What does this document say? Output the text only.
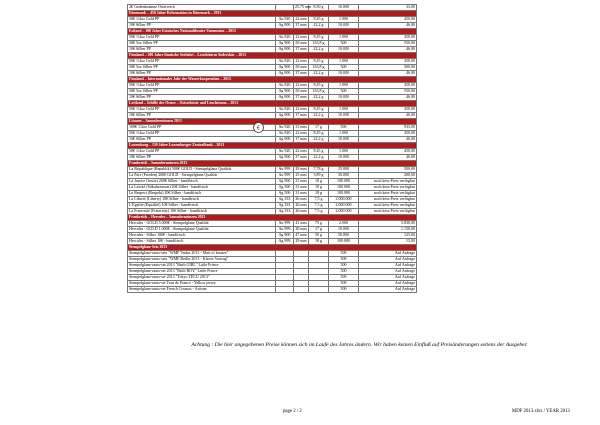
2€ Gedenkmünze Osterreich		25,75 mm	8,50 g	10.000	33,00	
Dänemark – 450 Jahre Reformation in Dänemark – 2013						
50€ 1/4oz Gold PP	Au 920	22 mm	8,45 g	1.000	450,00	
10€ Silber PP	Ag 900	37 mm	22,2 g	10.000	46,00	
Estland – 100 Jahre Estnisches Nationaltheater Vanemuine – 2013						
50€ 1/4oz Gold PP	Au 920	22 mm	8,45 g	1.000	450,00	
50€ 5oz Silber PP	Ag 900	50 mm	163,8 g	500	550,00	
10€ Silber PP	Ag 900	37 mm	22,2 g	10.000	46,00	
Finnland – 200 Jahre finnische Seefahrt – Leuchtturm Söderskär – 2013						
50€ 1/4oz Gold PP	Au 920	22 mm	8,45 g	1.000	450,00	
50€ 5oz Silber PP	Ag 900	50 mm	163,8 g	500	500,00	
10€ Silber PP	Ag 900	37 mm	22,2 g	10.000	46,00	
Finnland – Internationales Jahr der Wasserkooperation – 2013						
50€ 1/4oz Gold PP	Au 920	22 mm	8,45 g	1.000	450,00	
50€ 5oz Silber PP	Ag 900	50 mm	163,8 g	500	550,00	
10€ Silber PP	Ag 900	37 mm	22,2 g	10.000	46,00	
Lettland – Schiffe der Ostsee – Ostseeküste und Leuchtturm – 2013						
50€ 1/4oz Gold PP	Au 920	22 mm	8,45 g	1.000	450,00	
10€ Silber PP	Ag 900	37 mm	22,2 g	10.000	46,00	
Litauen – Sammlermünzen 2013						
100€ 1/2oz Gold PP	Au 920	31 mm	17 g	500	933,00	
50€ 1/4oz Gold PP	Au 920	22 mm	8,45 g	1.000	450,00	
10€ Silber PP	Ag 900	37 mm	22,2 g	10.000	46,00	
Luxemburg – 150 Jahre Luxemburger Zentralbank – 2013						
50€ 1/4oz Gold PP	Au 920	22 mm	8,45 g	1.000	450,00	
10€ Silber PP	Ag 900	37 mm	22,2 g	10.000	46,00	
Frankreich – Sammlermünzen 2013						
La République (Republik) 500€ GOLD - Stempelglanz Qualität	Au 999	29 mm	7,78 g	25.000	500,00	
La Paix (Frieden) 200€ GOLD - Stempelglanz Qualität	Au 999	25 mm	3,89 g	50.000	200,00	
La Justice (Justiz) 200€ Silber - handfrisch	Ag 900	31 mm	18 g	100.000	noch kein Preis verfügbar	
La Laïcité (Säkularismus) 20€ Silber - handfrisch	Ag 500	31 mm	18 g	100.000	noch kein Preis verfügbar	
Le Respect (Respekt) 20€ Silber - handfrisch	Ag 500	31 mm	18 g	100.000	noch kein Preis verfügbar	
La Liberté (Liberty) 10€ Silber - handfrisch	Ag 333	26 mm	7,5 g	2.000.000	noch kein Preis verfügbar	
L'Égalité (Équalité) 10€ Silber - handfrisch	Ag 333	26 mm	7,5 g	2.000.000	noch kein Preis verfügbar	
La Fraternité (Fraternity) 10€ Silber - handfrisch	Ag 333	26 mm	7,5 g	2.000.000	noch kein Preis verfügbar	
Frankreich – Hercules – Sammlermünzen 2013						
Hercules - GOLD 5.000€ - Stempelglanz Qualität	Au 999	41 mm	75 g	2.000	5.830,00	
Hercules - GOLD 1.000€ - Stempelglanz Qualität	Au 999	30 mm	17 g	10.000	1.150,00	
Hercules - Silber 100€ - handfrisch	Ag 900	47 mm	50 g	50.000	125,00	
Hercules - Silber 10€ - handfrisch	Ag 999	29 mm	18 g	100.000	13,00	
Stempelglanz-Sets 2013						
Stempelglanz-rauts-sets "WMF Vaduz 2013 - Mair of bronze"				500	Auf Anfrage	
Stempelglanz-rauts-sets "WMF Berlin 2013 - Klaviz-Vortrag"				500	Auf Anfrage	
Stempelglanz-rauts-set 2013 "Birth GIRL" Little Prince				500	Auf Anfrage	
Stempelglanz-rauts-set 2013 "Birth BOY" Little Prince				500	Auf Anfrage	
Stempelglanz-rauts-set 2013 "Tokyo TECU 2013"				500	Auf Anfrage	
Stempelglanz-rauts-set Tour de France - Yellow jersey				500	Auf Anfrage	
Stempelglanz-rauts-set French Cosmos - Artisan				500	Auf Anfrage	
€
Achtung : Die hier angegebenen Preise können sich im Laufe des Jahres ändern. Wir haben keinen Einfluß auf Preisänderungen seitens der Ausgeber.
page 2 / 2	MDF 2013.xlsx / YEAR 2013
